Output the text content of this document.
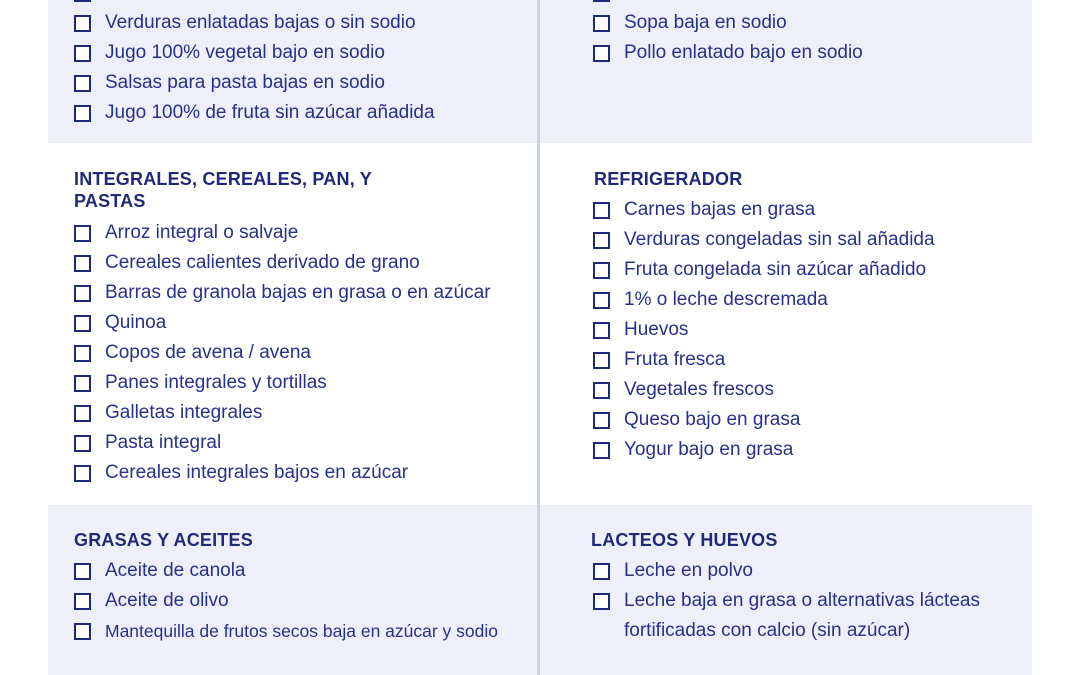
Verduras enlatadas bajas o sin sodio
Jugo 100% vegetal bajo en sodio
Salsas para pasta bajas en sodio
Jugo 100% de fruta sin azúcar añadida
Sopa baja en sodio
Pollo enlatado bajo en sodio
INTEGRALES, CEREALES, PAN, Y PASTAS
Arroz integral o salvaje
Cereales calientes derivado de grano
Barras de granola bajas en grasa o en azúcar
Quinoa
Copos de avena / avena
Panes integrales y tortillas
Galletas integrales
Pasta integral
Cereales integrales bajos en azúcar
REFRIGERADOR
Carnes bajas en grasa
Verduras congeladas sin sal añadida
Fruta congelada sin azúcar añadido
1% o leche descremada
Huevos
Fruta fresca
Vegetales frescos
Queso bajo en grasa
Yogur bajo en grasa
GRASAS Y ACEITES
Aceite de canola
Aceite de olivo
Mantequilla de frutos secos baja en azúcar y sodio
LACTEOS Y HUEVOS
Leche en polvo
Leche baja en grasa o alternativas lácteas fortificadas con calcio (sin azúcar)
